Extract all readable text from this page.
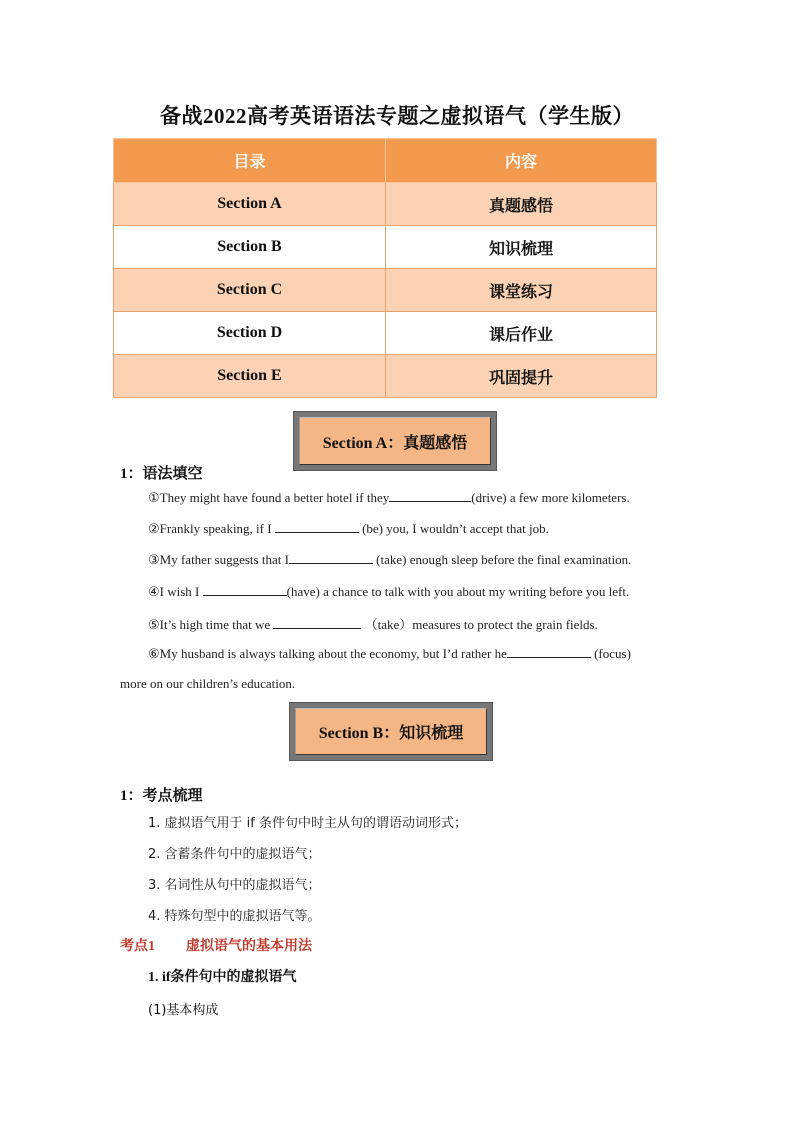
备战2022高考英语语法专题之虚拟语气（学生版）
目录	内容
Section A	真题感悟
Section B	知识梳理
Section C	课堂练习
Section D	课后作业
Section E	巩固提升
Section A：真题感悟
1：语法填空
①They might have found a better hotel if they	(drive) a few more kilometers.
②Frankly speaking, if I	(be) you, I wouldn’t accept that job.
③My father suggests that I	(take) enough sleep before the final examination.
④I wish I	(have) a chance to talk with you about my writing before you left.
⑤It’s high time that we	（take）measures to protect the grain fields.
⑥My husband is always talking about the economy, but I’d rather he	(focus)
more on our children’s education.
Section B：知识梳理
1：考点梳理
1. 虚拟语气用于 if 条件句中时主从句的谓语动词形式；
2. 含蓄条件句中的虚拟语气；
3. 名词性从句中的虚拟语气；
4. 特殊句型中的虚拟语气等。
考点1 虚拟语气的基本用法
1. if条件句中的虚拟语气
(1)基本构成
